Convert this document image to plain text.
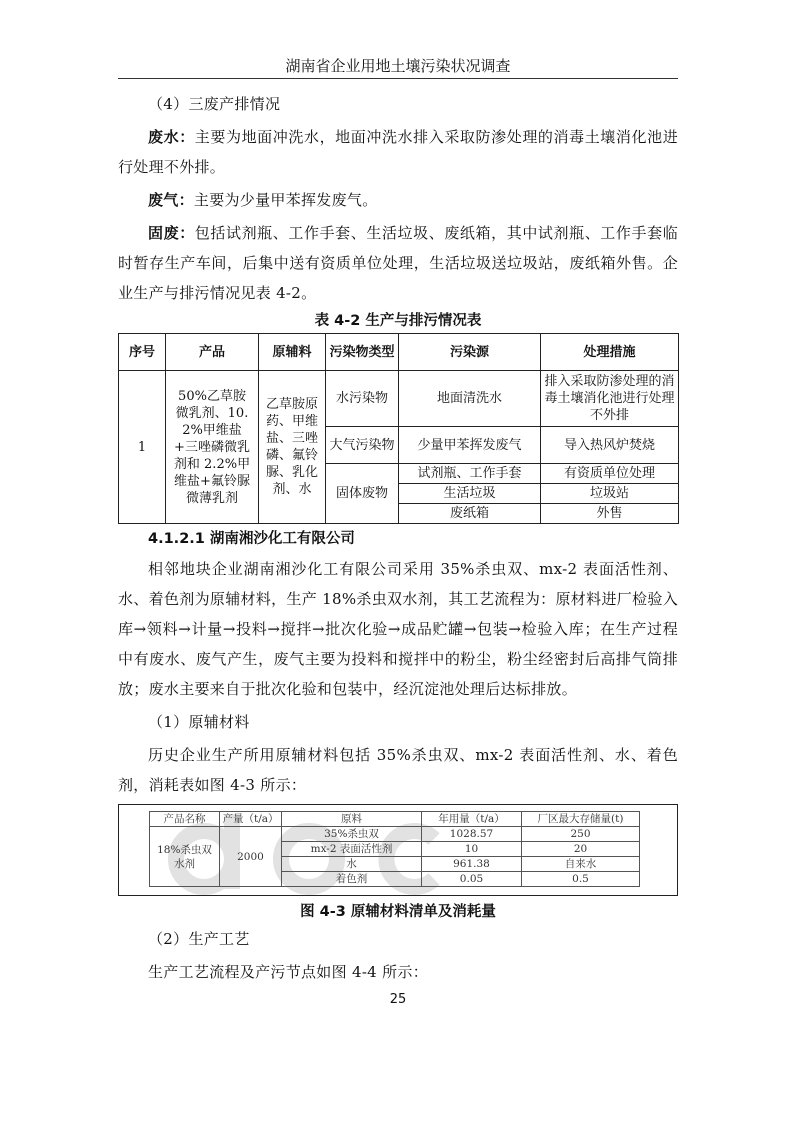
湖南省企业用地土壤污染状况调查

（4）三废产排情况

废水：主要为地面冲洗水，地面冲洗水排入采取防渗处理的消毒土壤消化池进行处理不外排。

废气：主要为少量甲苯挥发废气。

固废：包括试剂瓶、工作手套、生活垃圾、废纸箱，其中试剂瓶、工作手套临时暂存生产车间，后集中送有资质单位处理，生活垃圾送垃圾站，废纸箱外售。企业生产与排污情况见表 4-2。

表 4-2 生产与排污情况表
序号	产品	原辅料	污染物类型	污染源	处理措施
1	50%乙草胺微乳剂、10.2%甲维盐+三唑磷微乳剂和 2.2%甲维盐+氟铃脲微薄乳剂	乙草胺原药、甲维盐、三唑磷、氟铃脲、乳化剂、水	水污染物	地面清洗水	排入采取防渗处理的消毒土壤消化池进行处理不外排
			大气污染物	少量甲苯挥发废气	导入热风炉焚烧
			固体废物	试剂瓶、工作手套	有资质单位处理
				生活垃圾	垃圾站
				废纸箱	外售
4.1.2.1 湖南湘沙化工有限公司

相邻地块企业湖南湘沙化工有限公司采用 35%杀虫双、mx-2 表面活性剂、水、着色剂为原辅材料，生产 18%杀虫双水剂，其工艺流程为：原材料进厂检验入库→领料→计量→投料→搅拌→批次化验→成品贮罐→包装→检验入库；在生产过程中有废水、废气产生，废气主要为投料和搅拌中的粉尘，粉尘经密封后高排气筒排放；废水主要来自于批次化验和包装中，经沉淀池处理后达标排放。

（1）原辅材料

历史企业生产所用原辅材料包括 35%杀虫双、mx-2 表面活性剂、水、着色剂，消耗表如图 4-3 所示：

产品名称	产量（t/a）	原料	年用量（t/a）	厂区最大存储量(t)
18%杀虫双水剂	2000	35%杀虫双	1028.57	250
		mx-2 表面活性剂	10	20
		水	961.38	自来水
		着色剂	0.05	0.5
图 4-3 原辅材料清单及消耗量

（2）生产工艺

生产工艺流程及产污节点如图 4-4 所示：

25
